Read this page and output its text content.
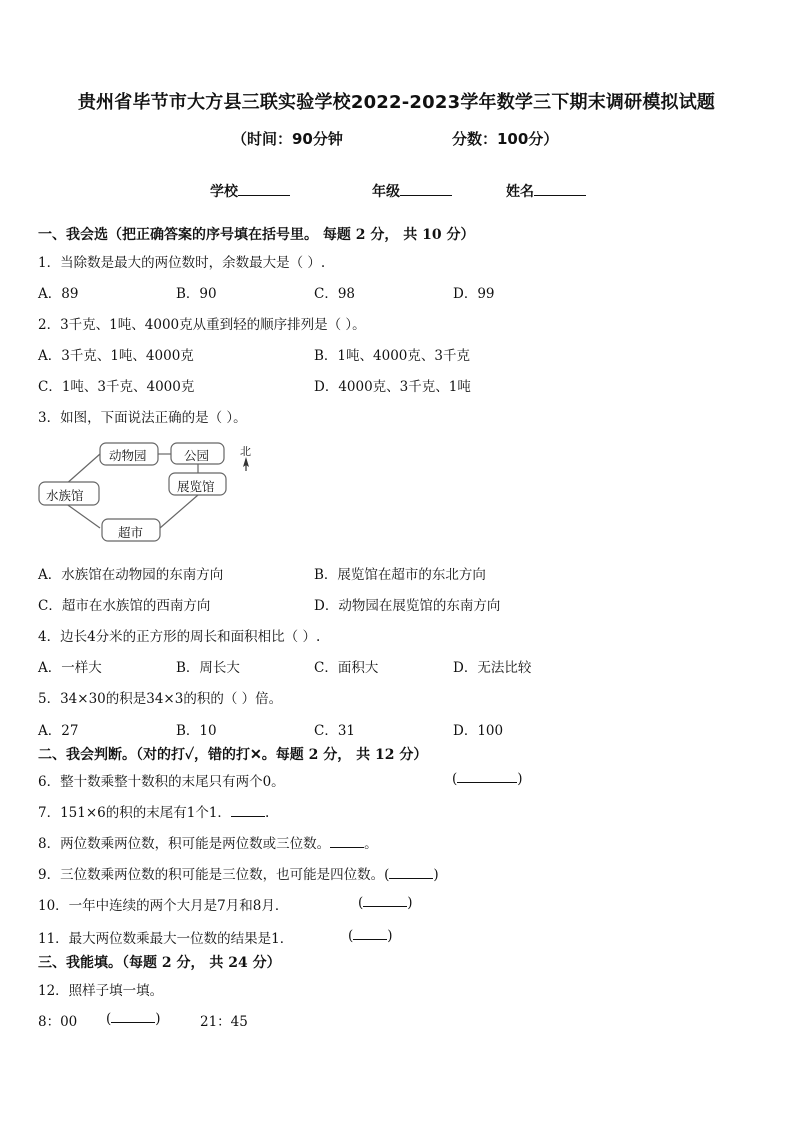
贵州省毕节市大方县三联实验学校2022-2023学年数学三下期末调研模拟试题
（时间：90分钟	分数：100分）
学校	年级	姓名
一、我会选（把正确答案的序号填在括号里。 每题 2 分， 共 10 分）
1．当除数是最大的两位数时，余数最大是（ ）.
A．89	B．90	C．98	D．99
2．3千克、1吨、4000克从重到轻的顺序排列是（ ）。
A．3千克、1吨、4000克	B．1吨、4000克、3千克
C．1吨、3千克、4000克	D．4000克、3千克、1吨
3．如图，下面说法正确的是（ ）。
动物园	公园	北
水族馆
展览馆
超市
A．水族馆在动物园的东南方向	B．展览馆在超市的东北方向
C．超市在水族馆的西南方向	D．动物园在展览馆的东南方向
4．边长4分米的正方形的周长和面积相比（ ）.
A．一样大	B．周长大	C．面积大	D．无法比较
5．34×30的积是34×3的积的（ ）倍。
A．27	B．10	C．31	D．100
二、我会判断。（对的打✓，错的打✕。每题 2 分， 共 12 分）
6．整十数乘整十数积的末尾只有两个0。	(	)
7．151×6的积的末尾有1个1．	.
8．两位数乘两位数，积可能是两位数或三位数。	。
9．三位数乘两位数的积可能是三位数，也可能是四位数。(	)
10．一年中连续的两个大月是7月和8月．	(	)
11．最大两位数乘最大一位数的结果是1．	(	)
三、我能填。（每题 2 分， 共 24 分）
12．照样子填一填。
8：00 (	)	21：45
